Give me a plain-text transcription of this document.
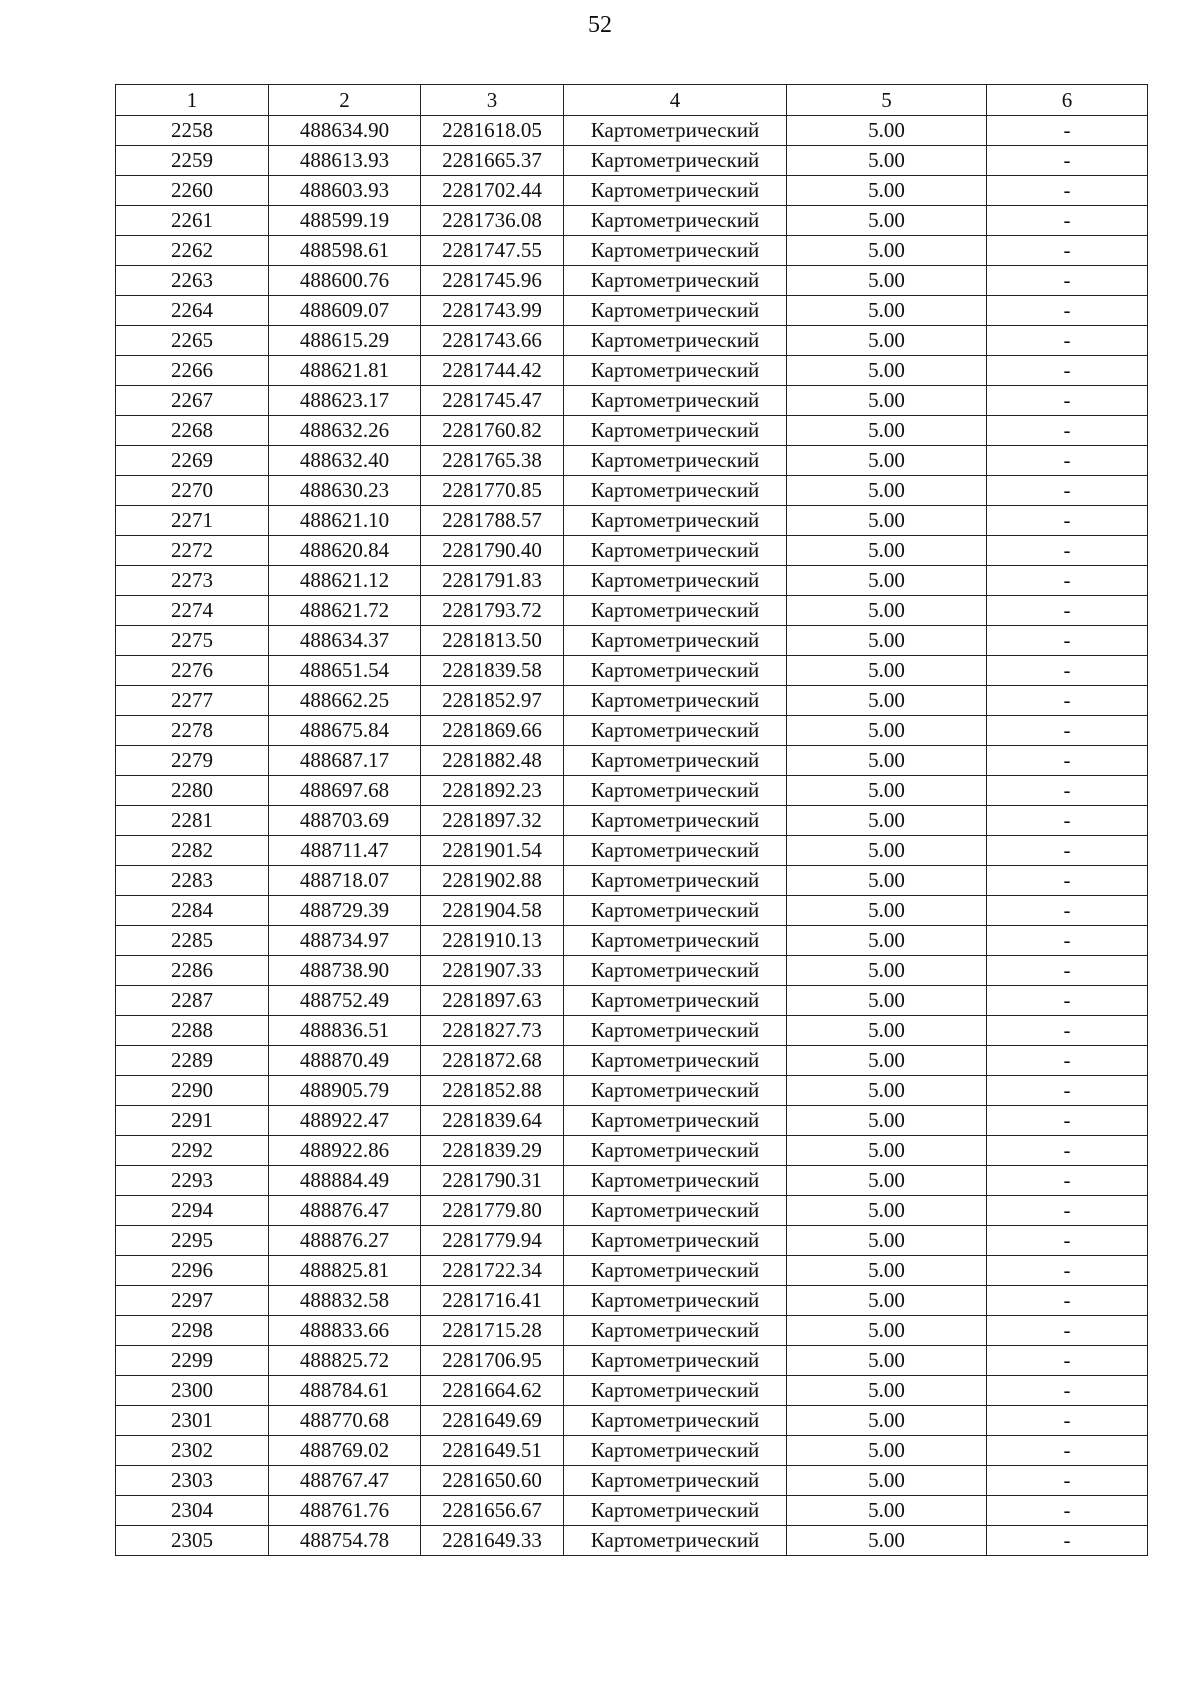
52
1	2	3	4	5	6
2258	488634.90	2281618.05	Картометрический	5.00	-
2259	488613.93	2281665.37	Картометрический	5.00	-
2260	488603.93	2281702.44	Картометрический	5.00	-
2261	488599.19	2281736.08	Картометрический	5.00	-
2262	488598.61	2281747.55	Картометрический	5.00	-
2263	488600.76	2281745.96	Картометрический	5.00	-
2264	488609.07	2281743.99	Картометрический	5.00	-
2265	488615.29	2281743.66	Картометрический	5.00	-
2266	488621.81	2281744.42	Картометрический	5.00	-
2267	488623.17	2281745.47	Картометрический	5.00	-
2268	488632.26	2281760.82	Картометрический	5.00	-
2269	488632.40	2281765.38	Картометрический	5.00	-
2270	488630.23	2281770.85	Картометрический	5.00	-
2271	488621.10	2281788.57	Картометрический	5.00	-
2272	488620.84	2281790.40	Картометрический	5.00	-
2273	488621.12	2281791.83	Картометрический	5.00	-
2274	488621.72	2281793.72	Картометрический	5.00	-
2275	488634.37	2281813.50	Картометрический	5.00	-
2276	488651.54	2281839.58	Картометрический	5.00	-
2277	488662.25	2281852.97	Картометрический	5.00	-
2278	488675.84	2281869.66	Картометрический	5.00	-
2279	488687.17	2281882.48	Картометрический	5.00	-
2280	488697.68	2281892.23	Картометрический	5.00	-
2281	488703.69	2281897.32	Картометрический	5.00	-
2282	488711.47	2281901.54	Картометрический	5.00	-
2283	488718.07	2281902.88	Картометрический	5.00	-
2284	488729.39	2281904.58	Картометрический	5.00	-
2285	488734.97	2281910.13	Картометрический	5.00	-
2286	488738.90	2281907.33	Картометрический	5.00	-
2287	488752.49	2281897.63	Картометрический	5.00	-
2288	488836.51	2281827.73	Картометрический	5.00	-
2289	488870.49	2281872.68	Картометрический	5.00	-
2290	488905.79	2281852.88	Картометрический	5.00	-
2291	488922.47	2281839.64	Картометрический	5.00	-
2292	488922.86	2281839.29	Картометрический	5.00	-
2293	488884.49	2281790.31	Картометрический	5.00	-
2294	488876.47	2281779.80	Картометрический	5.00	-
2295	488876.27	2281779.94	Картометрический	5.00	-
2296	488825.81	2281722.34	Картометрический	5.00	-
2297	488832.58	2281716.41	Картометрический	5.00	-
2298	488833.66	2281715.28	Картометрический	5.00	-
2299	488825.72	2281706.95	Картометрический	5.00	-
2300	488784.61	2281664.62	Картометрический	5.00	-
2301	488770.68	2281649.69	Картометрический	5.00	-
2302	488769.02	2281649.51	Картометрический	5.00	-
2303	488767.47	2281650.60	Картометрический	5.00	-
2304	488761.76	2281656.67	Картометрический	5.00	-
2305	488754.78	2281649.33	Картометрический	5.00	-
